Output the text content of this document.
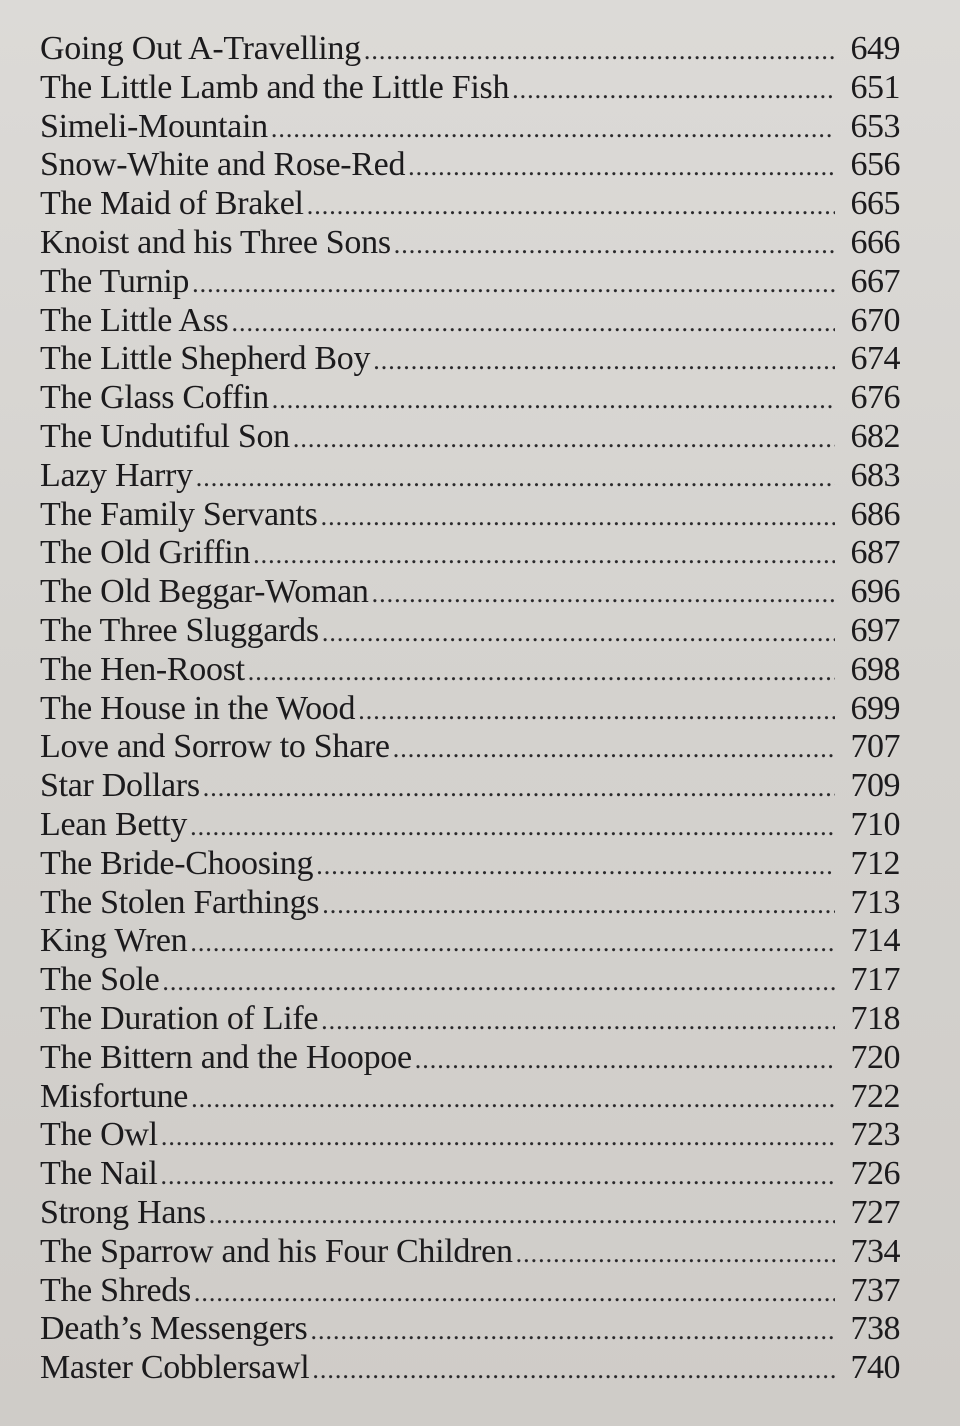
Going Out A-Travelling .....	649
The Little Lamb and the Little Fish .....	651
Simeli-Mountain .....	653
Snow-White and Rose-Red .....	656
The Maid of Brakel .....	665
Knoist and his Three Sons .....	666
The Turnip .....	667
The Little Ass .....	670
The Little Shepherd Boy .....	674
The Glass Coffin .....	676
The Undutiful Son .....	682
Lazy Harry .....	683
The Family Servants .....	686
The Old Griffin .....	687
The Old Beggar-Woman .....	696
The Three Sluggards .....	697
The Hen-Roost .....	698
The House in the Wood .....	699
Love and Sorrow to Share .....	707
Star Dollars .....	709
Lean Betty .....	710
The Bride-Choosing .....	712
The Stolen Farthings .....	713
King Wren .....	714
The Sole .....	717
The Duration of Life .....	718
The Bittern and the Hoopoe .....	720
Misfortune .....	722
The Owl .....	723
The Nail .....	726
Strong Hans .....	727
The Sparrow and his Four Children .....	734
The Shreds .....	737
Death’s Messengers .....	738
Master Cobblersawl .....	740
